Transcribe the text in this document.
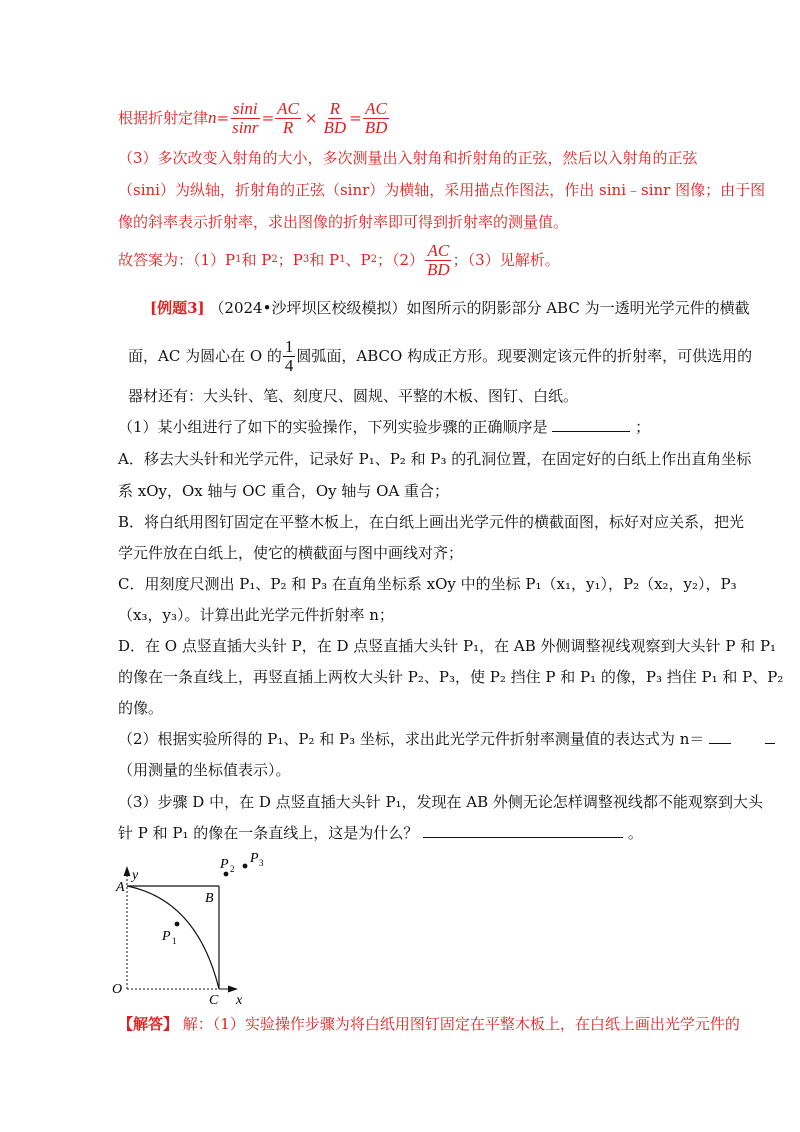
根据折射定律 $n = \frac{\sin i}{\sin r} = \frac{AC}{R} \times \frac{R}{BD} = \frac{AC}{BD}$
（3）多次改变入射角的大小，多次测量出入射角和折射角的正弦，然后以入射角的正弦
（sini）为纵轴，折射角的正弦（sinr）为横轴，采用描点作图法，作出 sini﹣sinr 图像；由于图
像的斜率表示折射率，求出图像的折射率即可得到折射率的测量值。
故答案为：（1）P 1 和 P 2 ；P 3 和 P 1 、P 2 ；$(2) \frac{AC}{BD}$ ；（3）见解析。
[例题3] （2024•沙坪坝区校级模拟）如图所示的阴影部分 ABC 为一透明光学元件的横截
面，AC 为圆心在 O 的 $\frac{1}{4}$ 圆弧面，ABCO 构成正方形。现要测定该元件的折射率，可供选用的
器材还有：大头针、笔、刻度尺、圆规、平整的木板、图钉、白纸。
（1）某小组进行了如下的实验操作，下列实验步骤的正确顺序是	；
A．移去大头针和光学元件，记录好 P₁、P₂ 和 P₃ 的孔洞位置，在固定好的白纸上作出直角坐标
系 xOy，Ox 轴与 OC 重合，Oy 轴与 OA 重合；
B．将白纸用图钉固定在平整木板上，在白纸上画出光学元件的横截面图，标好对应关系，把光
学元件放在白纸上，使它的横截面与图中画线对齐；
C．用刻度尺测出 P₁、P₂ 和 P₃ 在直角坐标系 xOy 中的坐标 P₁（x₁，y₁），P₂（x₂，y₂），P₃
（x₃，y₃）。计算出此光学元件折射率 n；
D．在 O 点竖直插大头针 P，在 D 点竖直插大头针 P₁，在 AB 外侧调整视线观察到大头针 P 和 P₁
的像在一条直线上，再竖直插上两枚大头针 P₂、P₃，使 P₂ 挡住 P 和 P₁ 的像，P₃ 挡住 P₁ 和 P、P₂
的像。
（2）根据实验所得的 P₁、P₂ 和 P₃ 坐标，求出此光学元件折射率测量值的表达式为 n＝
（用测量的坐标值表示）。
（3）步骤 D 中，在 D 点竖直插大头针 P₁，发现在 AB 外侧无论怎样调整视线都不能观察到大头
针 P 和 P₁ 的像在一条直线上，这是为什么？	。
A
y
B
O
C x
P 1
P 2
P 3
【解答】 解：（1）实验操作步骤为将白纸用图钉固定在平整木板上，在白纸上画出光学元件的
